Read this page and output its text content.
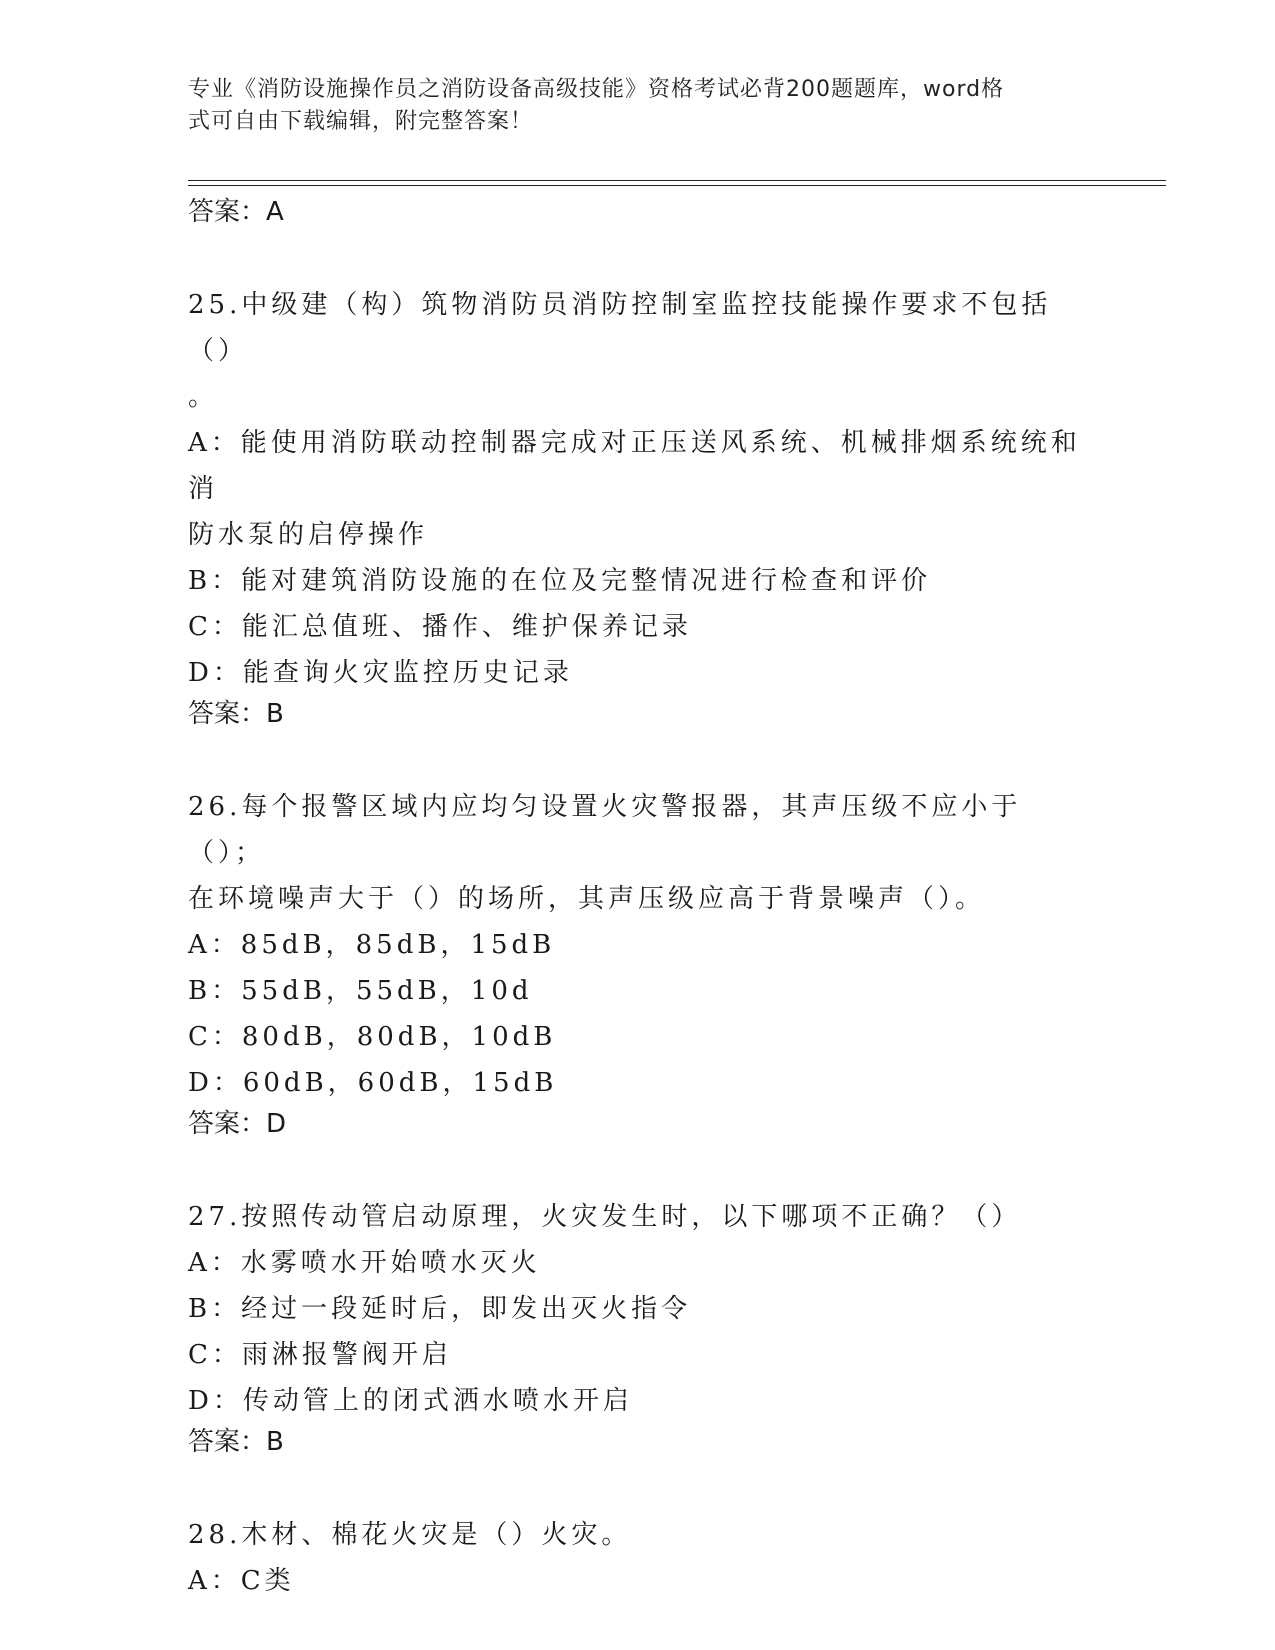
专业《消防设施操作员之消防设备高级技能》资格考试必背200题题库，word格
式可自由下载编辑，附完整答案！
答案：A
25.中级建（构）筑物消防员消防控制室监控技能操作要求不包括（）
。
A：能使用消防联动控制器完成对正压送风系统、机械排烟系统统和消
防水泵的启停操作
B：能对建筑消防设施的在位及完整情况进行检查和评价
C：能汇总值班、播作、维护保养记录
D：能查询火灾监控历史记录
答案：B
26.每个报警区域内应均匀设置火灾警报器，其声压级不应小于（）；
在环境噪声大于（）的场所，其声压级应高于背景噪声（）。
A：85dB，85dB，15dB
B：55dB，55dB，10d
C：80dB，80dB，10dB
D：60dB，60dB，15dB
答案：D
27.按照传动管启动原理，火灾发生时，以下哪项不正确？（）
A：水雾喷水开始喷水灭火
B：经过一段延时后，即发出灭火指令
C：雨淋报警阀开启
D：传动管上的闭式洒水喷水开启
答案：B
28.木材、棉花火灾是（）火灾。
A：C类
